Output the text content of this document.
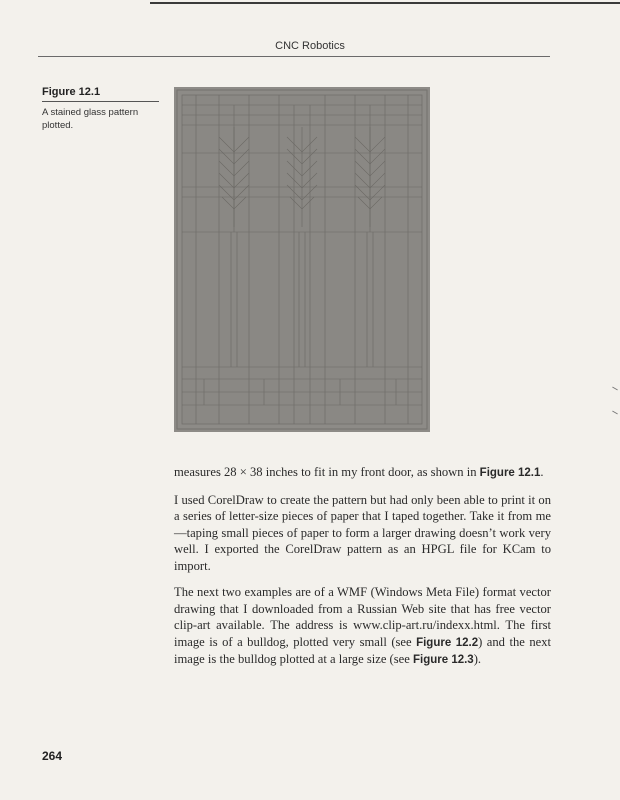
CNC Robotics
Figure 12.1
A stained glass pattern plotted.

measures 28 × 38 inches to fit in my front door, as shown in Figure 12.1.

I used CorelDraw to create the pattern but had only been able to print it on a series of letter-size pieces of paper that I taped together. Take it from me—taping small pieces of paper to form a larger drawing doesn’t work very well. I exported the CorelDraw pattern as an HPGL file for KCam to import.

The next two examples are of a WMF (Windows Meta File) format vector drawing that I downloaded from a Russian Web site that has free vector clip-art available. The address is www.clip-art.ru/indexx.html. The first image is of a bulldog, plotted very small (see Figure 12.2) and the next image is the bulldog plotted at a large size (see Figure 12.3).

264
